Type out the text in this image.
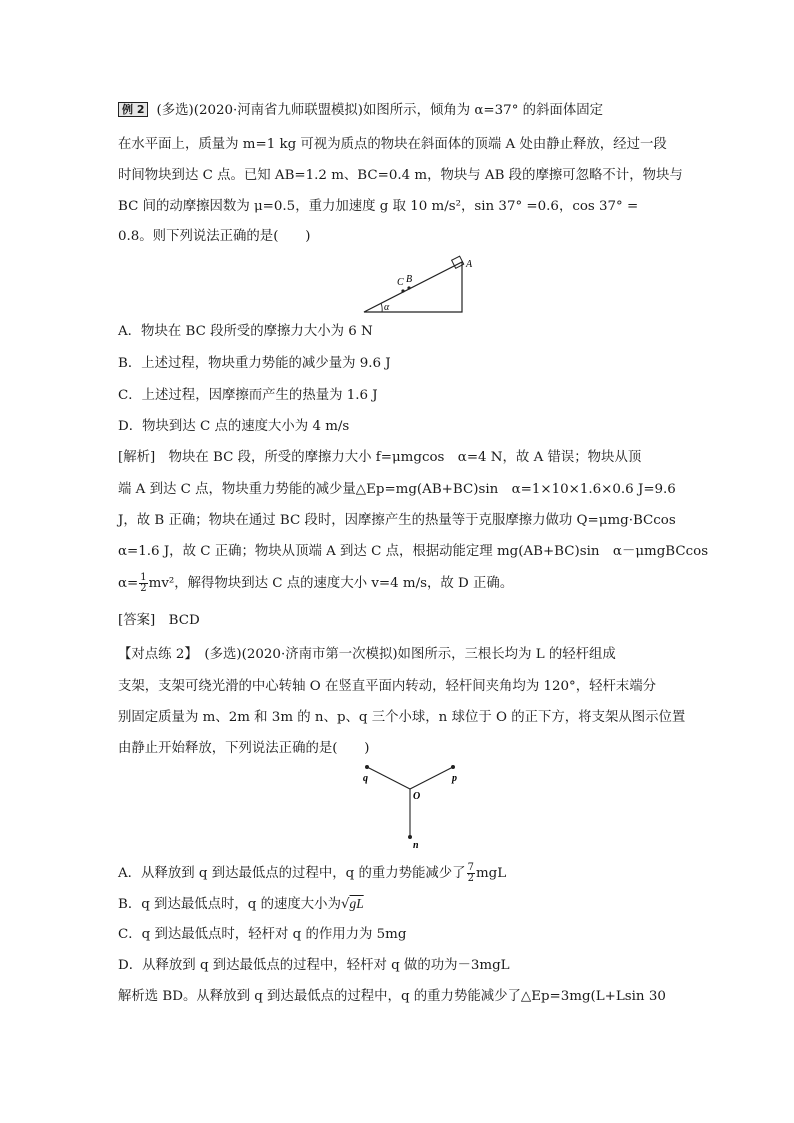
例 2 (多选)(2020·河南省九师联盟模拟)如图所示，倾角为 α=37° 的斜面体固定
在水平面上，质量为 m=1 kg 可视为质点的物块在斜面体的顶端 A 处由静止释放，经过一段
时间物块到达 C 点。已知 AB=1.2 m、BC=0.4 m，物块与 AB 段的摩擦可忽略不计，物块与
BC 间的动摩擦因数为 μ=0.5，重力加速度 g 取 10 m/s²，sin 37° =0.6，cos 37° =
0.8。则下列说法正确的是(　　)
A
B
C
α
A．物块在 BC 段所受的摩擦力大小为 6 N
B．上述过程，物块重力势能的减少量为 9.6 J
C．上述过程，因摩擦而产生的热量为 1.6 J
D．物块到达 C 点的速度大小为 4 m/s
[解析]　物块在 BC 段，所受的摩擦力大小 f=μmgcos　α=4 N，故 A 错误；物块从顶
端 A 到达 C 点，物块重力势能的减少量△Ep=mg(AB+BC)sin　α=1×10×1.6×0.6 J=9.6
J，故 B 正确；物块在通过 BC 段时，因摩擦产生的热量等于克服摩擦力做功 Q=μmg·BCcos
α=1.6 J，故 C 正确；物块从顶端 A 到达 C 点，根据动能定理 mg(AB+BC)sin　α－μmgBCcos
$\alpha= \frac{1}{2} mv^2$，解得物块到达 C 点的速度大小 v=4 m/s，故 D 正确。
[答案]　BCD
【对点练 2】　(多选)(2020·济南市第一次模拟)如图所示，三根长均为 L 的轻杆组成
支架，支架可绕光滑的中心转轴 O 在竖直平面内转动，轻杆间夹角均为 120°，轻杆末端分
别固定质量为 m、2m 和 3m 的 n、p、q 三个小球，n 球位于 O 的正下方，将支架从图示位置
由静止开始释放，下列说法正确的是(　　)
q	p
O
n
A．从释放到 q 到达最低点的过程中，q 的重力势能减少了 $\frac{7}{2}$ mgL
B．q 到达最低点时，q 的速度大小为√gL
C．q 到达最低点时，轻杆对 q 的作用力为 5mg
D．从释放到 q 到达最低点的过程中，轻杆对 q 做的功为－3mgL
解析选 BD。从释放到 q 到达最低点的过程中，q 的重力势能减少了△Ep=3mg(L+Lsin 30
